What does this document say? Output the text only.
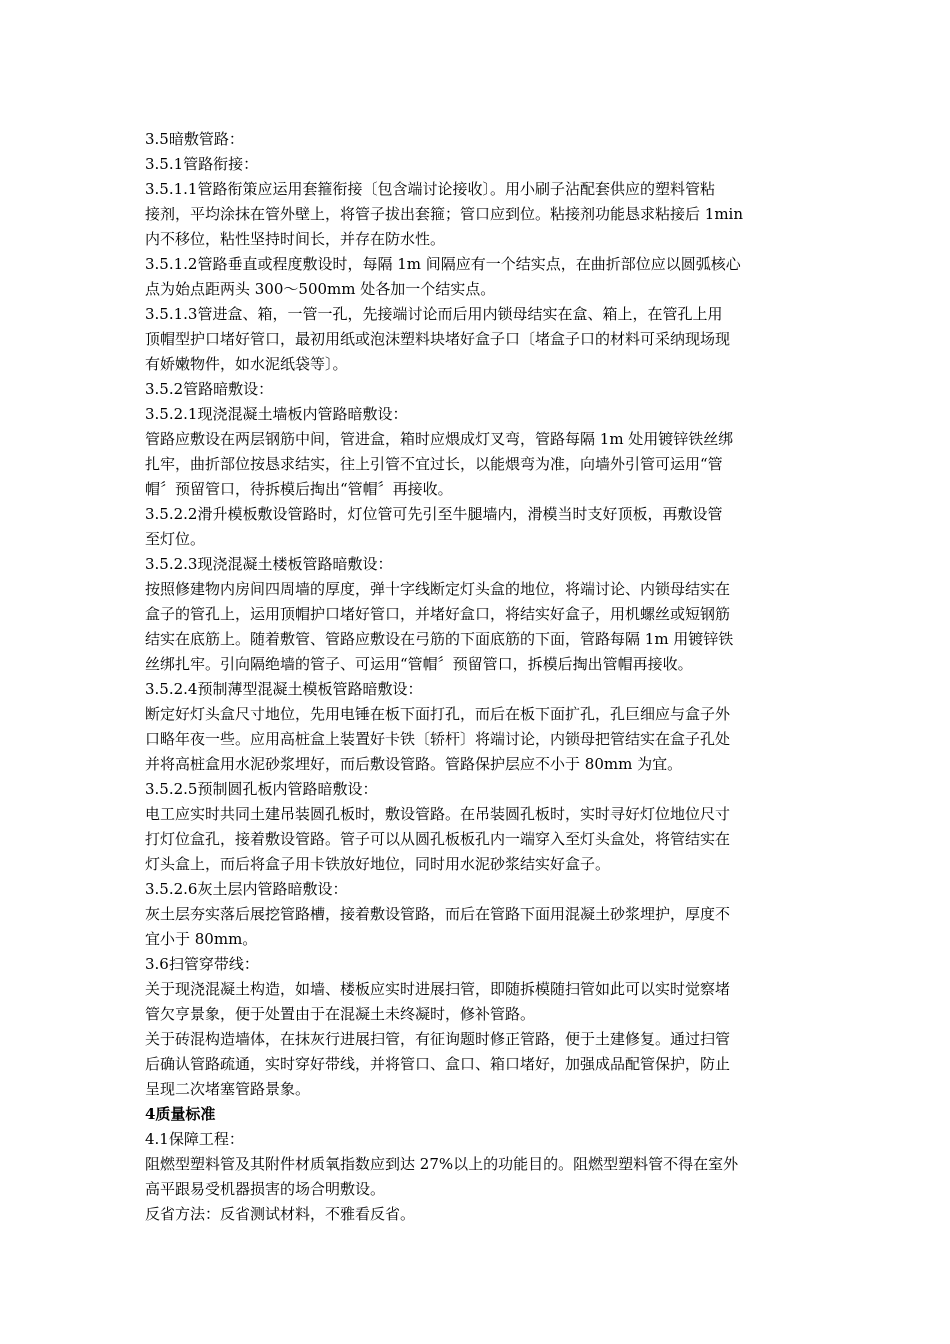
3.5暗敷管路：

3.5.1管路衔接：

3.5.1.1管路衔策应运用套箍衔接〔包含端讨论接收〕。用小刷子沾配套供应的塑料管粘

接剂，平均涂抹在管外壁上，将管子拔出套箍；管口应到位。粘接剂功能恳求粘接后 1min

内不移位，粘性坚持时间长，并存在防水性。

3.5.1.2管路垂直或程度敷设时，每隔 1m 间隔应有一个结实点，在曲折部位应以圆弧核心

点为始点距两头 300～500mm 处各加一个结实点。

3.5.1.3管进盒、箱，一管一孔，先接端讨论而后用内锁母结实在盒、箱上，在管孔上用

顶帽型护口堵好管口，最初用纸或泡沫塑料块堵好盒子口〔堵盒子口的材料可采纳现场现

有娇嫩物件，如水泥纸袋等〕。

3.5.2管路暗敷设：

3.5.2.1现浇混凝土墙板内管路暗敷设：

管路应敷设在两层钢筋中间，管进盒，箱时应煨成灯叉弯，管路每隔 1m 处用镀锌铁丝绑

扎牢，曲折部位按恳求结实，往上引管不宜过长，以能煨弯为准，向墙外引管可运用“管

帽〞预留管口，待拆模后掏出“管帽〞再接收。

3.5.2.2滑升模板敷设管路时，灯位管可先引至牛腿墙内，滑模当时支好顶板，再敷设管

至灯位。

3.5.2.3现浇混凝土楼板管路暗敷设：

按照修建物内房间四周墙的厚度，弹十字线断定灯头盒的地位，将端讨论、内锁母结实在

盒子的管孔上，运用顶帽护口堵好管口，并堵好盒口，将结实好盒子，用机螺丝或短钢筋

结实在底筋上。随着敷管、管路应敷设在弓筋的下面底筋的下面，管路每隔 1m 用镀锌铁

丝绑扎牢。引向隔绝墙的管子、可运用“管帽〞预留管口，拆模后掏出管帽再接收。

3.5.2.4预制薄型混凝土模板管路暗敷设：

断定好灯头盒尺寸地位，先用电锤在板下面打孔，而后在板下面扩孔，孔巨细应与盒子外

口略年夜一些。应用高桩盒上装置好卡铁〔轿杆〕将端讨论，内锁母把管结实在盒子孔处

并将高桩盒用水泥砂浆埋好，而后敷设管路。管路保护层应不小于 80mm 为宜。

3.5.2.5预制圆孔板内管路暗敷设：

电工应实时共同土建吊装圆孔板时，敷设管路。在吊装圆孔板时，实时寻好灯位地位尺寸

打灯位盒孔，接着敷设管路。管子可以从圆孔板板孔内一端穿入至灯头盒处，将管结实在

灯头盒上，而后将盒子用卡铁放好地位，同时用水泥砂浆结实好盒子。

3.5.2.6灰土层内管路暗敷设：

灰土层夯实落后展挖管路槽，接着敷设管路，而后在管路下面用混凝土砂浆埋护，厚度不

宜小于 80mm。

3.6扫管穿带线：

关于现浇混凝土构造，如墙、楼板应实时进展扫管，即随拆模随扫管如此可以实时觉察堵

管欠亨景象，便于处置由于在混凝土未终凝时，修补管路。

关于砖混构造墙体，在抹灰行进展扫管，有征询题时修正管路，便于土建修复。通过扫管

后确认管路疏通，实时穿好带线，并将管口、盒口、箱口堵好，加强成品配管保护，防止

呈现二次堵塞管路景象。

4质量标准

4.1保障工程：

阻燃型塑料管及其附件材质氧指数应到达 27%以上的功能目的。阻燃型塑料管不得在室外

高平跟易受机器损害的场合明敷设。

反省方法：反省测试材料，不雅看反省。
